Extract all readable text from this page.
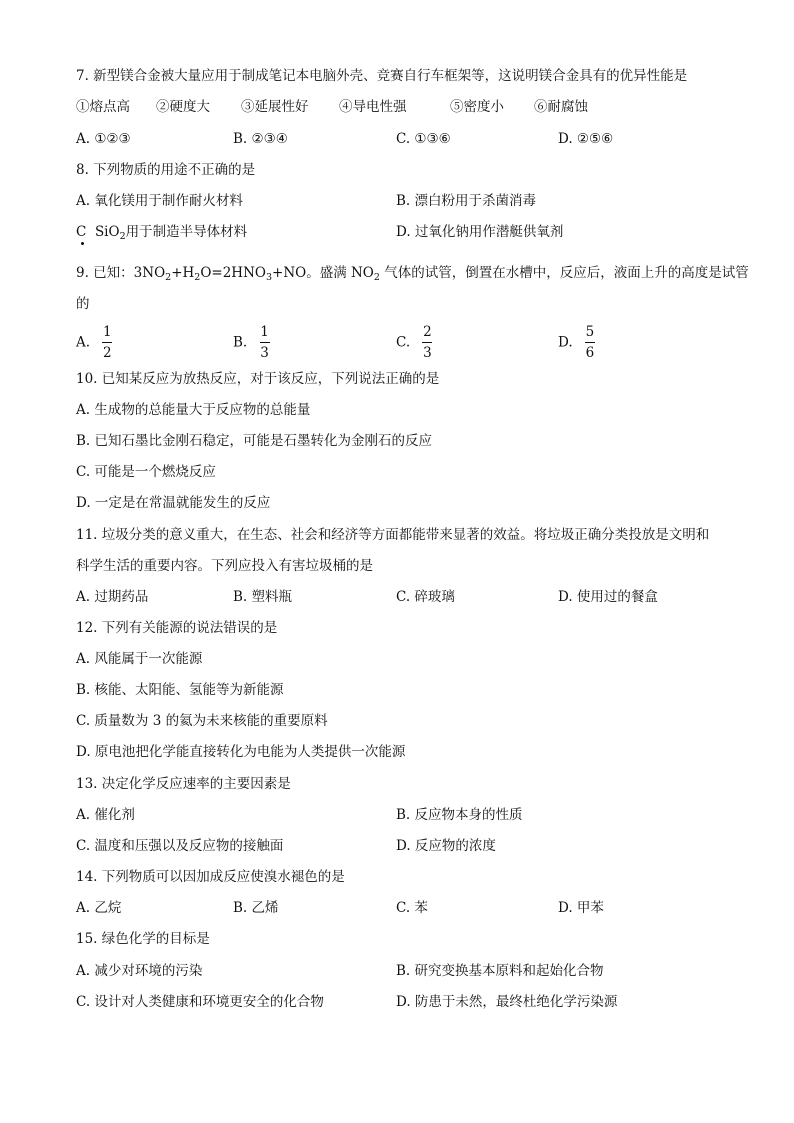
7. 新型镁合金被大量应用于制成笔记本电脑外壳、竞赛自行车框架等，这说明镁合金具有的优异性能是
①熔点高 ②硬度大 ③延展性好 ④导电性强	⑤密度小 ⑥耐腐蚀
A. ①②③	B. ②③④	C. ①③⑥	D. ②⑤⑥
8. 下列物质的用途不正确的是
A. 氧化镁用于制作耐火材料	B. 漂白粉用于杀菌消毒
C SiO$_2$用于制造半导体材料	D. 过氧化钠用作潜艇供氧剂
9. 已知：$3NO_2+H_2O=2HNO_3+NO$。盛满 $NO_2$ 气体的试管，倒置在水槽中，反应后，液面上升的高度是试管
的
A. $\frac{1}{2}$	B. $\frac{1}{3}$	C. $\frac{2}{3}$	D. $\frac{5}{6}$
10. 已知某反应为放热反应，对于该反应，下列说法正确的是
A. 生成物的总能量大于反应物的总能量
B. 已知石墨比金刚石稳定，可能是石墨转化为金刚石的反应
C. 可能是一个燃烧反应
D. 一定是在常温就能发生的反应
11. 垃圾分类的意义重大，在生态、社会和经济等方面都能带来显著的效益。将垃圾正确分类投放是文明和
科学生活的重要内容。下列应投入有害垃圾桶的是
A. 过期药品	B. 塑料瓶	C. 碎玻璃	D. 使用过的餐盒
12. 下列有关能源的说法错误的是
A. 风能属于一次能源
B. 核能、太阳能、氢能等为新能源
C. 质量数为 3 的氦为未来核能的重要原料
D. 原电池把化学能直接转化为电能为人类提供一次能源
13. 决定化学反应速率的主要因素是
A. 催化剂	B. 反应物本身的性质
C. 温度和压强以及反应物的接触面	D. 反应物的浓度
14. 下列物质可以因加成反应使溴水褪色的是
A. 乙烷	B. 乙烯	C. 苯	D. 甲苯
15. 绿色化学的目标是
A. 减少对环境的污染	B. 研究变换基本原料和起始化合物
C. 设计对人类健康和环境更安全的化合物	D. 防患于未然，最终杜绝化学污染源
